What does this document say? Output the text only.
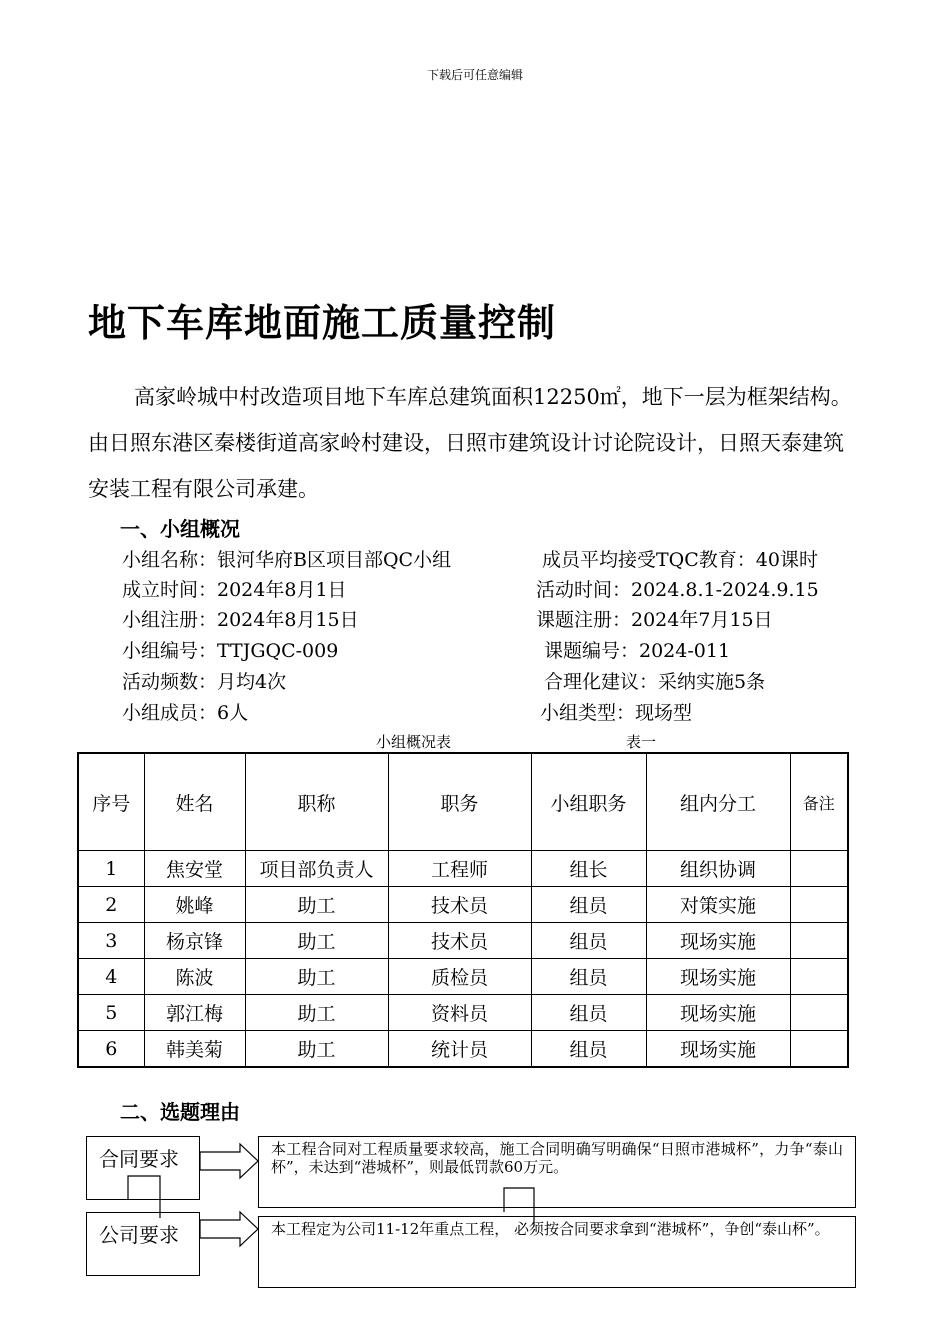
下载后可任意编辑
地下车库地面施工质量控制

高家岭城中村改造项目地下车库总建筑面积12250㎡，地下一层为框架结构。由日照东港区秦楼街道高家岭村建设，日照市建筑设计讨论院设计，日照天泰建筑安装工程有限公司承建。

一、小组概况
小组名称：银河华府B区项目部QC小组	成员平均接受TQC教育：40课时
成立时间：2024年8月1日	活动时间：2024.8.1-2024.9.15
小组注册：2024年8月15日	课题注册：2024年7月15日
小组编号：TTJGQC-009	课题编号：2024-011
活动频数：月均4次	合理化建议：采纳实施5条
小组成员：6人	小组类型：现场型
小组概况表	表一
序号	姓名	职称	职务	小组职务	组内分工	备注
1	焦安堂	项目部负责人	工程师	组长	组织协调	
2	姚峰	助工	技术员	组员	对策实施	
3	杨京锋	助工	技术员	组员	现场实施	
4	陈波	助工	质检员	组员	现场实施	
5	郭江梅	助工	资料员	组员	现场实施	
6	韩美菊	助工	统计员	组员	现场实施	
二、选题理由
合同要求	本工程合同对工程质量要求较高，施工合同明确写明确保“日照市港城杯”，力争“泰山杯”，未达到“港城杯”，则最低罚款60万元。
公司要求	本工程定为公司11-12年重点工程， 必须按合同要求拿到“港城杯”，争创“泰山杯”。
